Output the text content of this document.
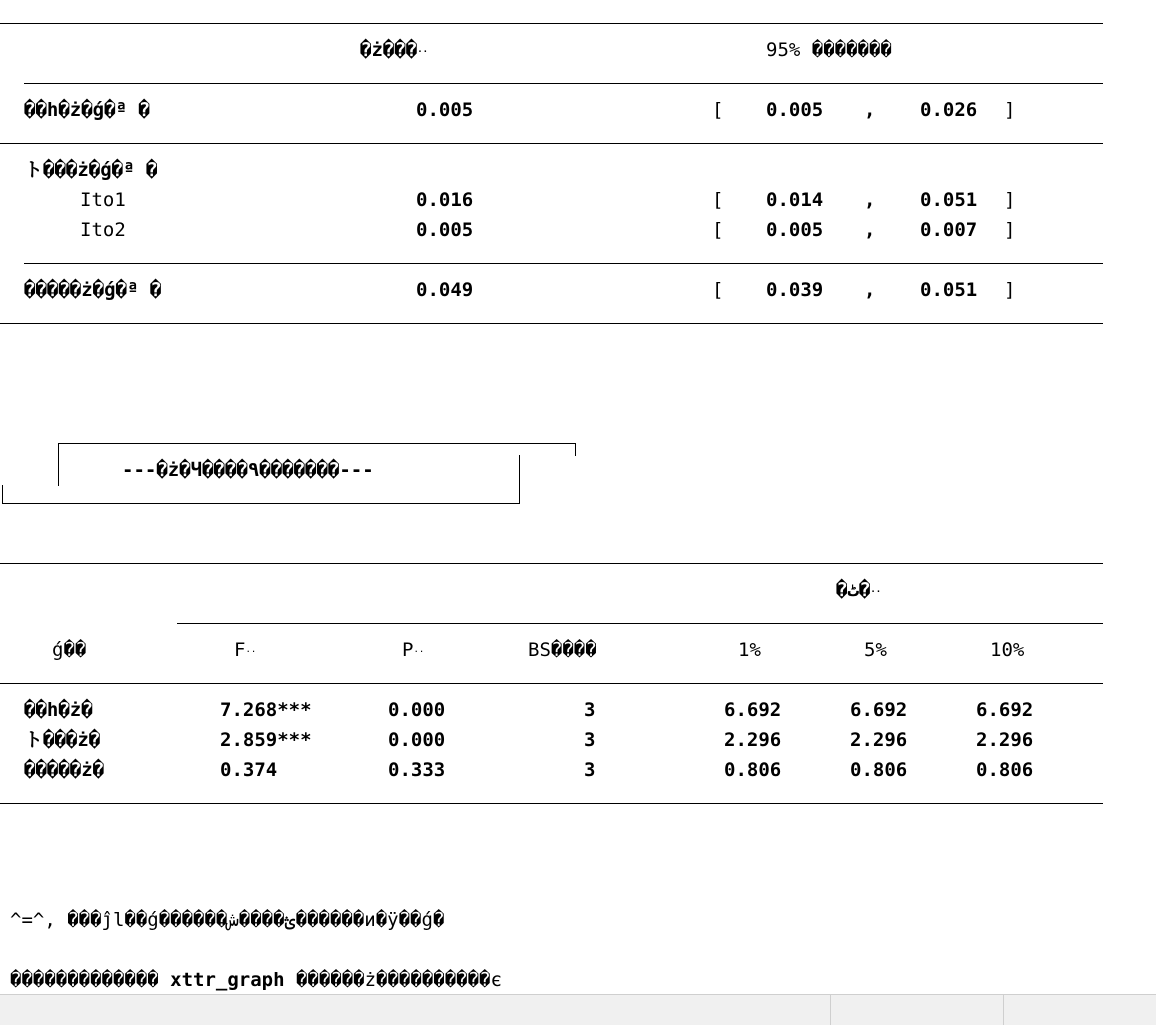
�ż���..	95% �������
��h�ż�ǵ�ª �	0.005	[ 0.005 , 0.026 ]
ト���ż�ǵ�ª �
Ito1	0.016	[ 0.014 , 0.051 ]
Ito2	0.005	[ 0.005 , 0.007 ]
�����ż�ǵ�ª �	0.049	[ 0.039 , 0.051 ]
---�ż�Ч����٩�������---
�ٹ�..
ǵ��	F..	P..	BS����	1%	5%	10%
��h�ż�	7.268***	0.000	3	6.692	6.692	6.692
ト���ż�	2.859***	0.000	3	2.296	2.296	2.296
�����ż�	0.374	0.333	3	0.806	0.806	0.806
^=^, ���ĵl��ǵ������ؿ����ش������и�ÿ��ǵ�
������������� xttr_graph ������ż����������є
